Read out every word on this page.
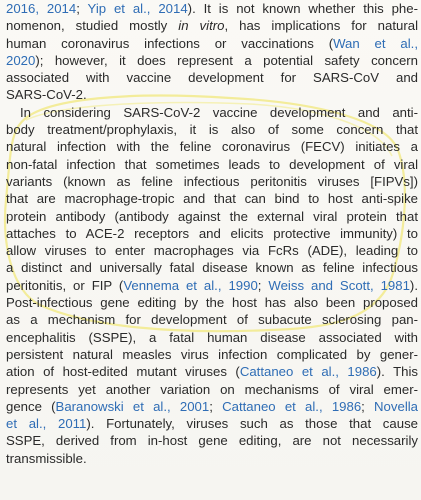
2016, 2014; Yip et al., 2014). It is not known whether this phe-
nomenon, studied mostly in vitro, has implications for natural
human coronavirus infections or vaccinations (Wan et al.,
2020); however, it does represent a potential safety concern
associated with vaccine development for SARS-CoV and
SARS-CoV-2.
In considering SARS-CoV-2 vaccine development and anti-
body treatment/prophylaxis, it is also of some concern that
natural infection with the feline coronavirus (FECV) initiates a
non-fatal infection that sometimes leads to development of viral
variants (known as feline infectious peritonitis viruses [FIPVs])
that are macrophage-tropic and that can bind to host anti-spike
protein antibody (antibody against the external viral protein that
attaches to ACE-2 receptors and elicits protective immunity) to
allow viruses to enter macrophages via FcRs (ADE), leading to
a distinct and universally fatal disease known as feline infectious
peritonitis, or FIP (Vennema et al., 1990; Weiss and Scott, 1981).
Post-infectious gene editing by the host has also been proposed
as a mechanism for development of subacute sclerosing pan-
encephalitis (SSPE), a fatal human disease associated with
persistent natural measles virus infection complicated by gener-
ation of host-edited mutant viruses (Cattaneo et al., 1986). This
represents yet another variation on mechanisms of viral emer-
gence (Baranowski et al., 2001; Cattaneo et al., 1986; Novella
et al., 2011). Fortunately, viruses such as those that cause
SSPE, derived from in-host gene editing, are not necessarily
transmissible.
